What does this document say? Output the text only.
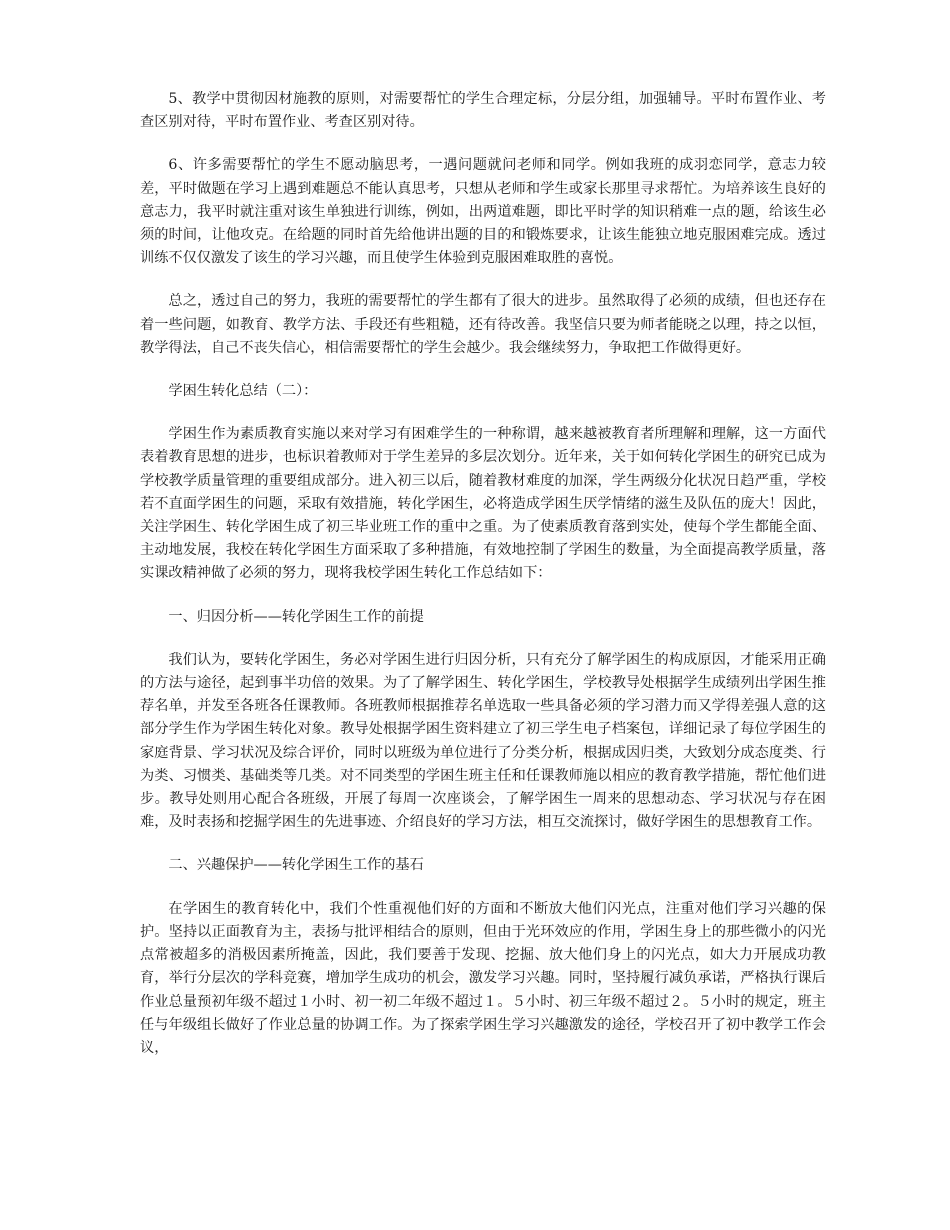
5、教学中贯彻因材施教的原则，对需要帮忙的学生合理定标，分层分组，加强辅导。平时布置作业、考查区别对待，平时布置作业、考查区别对待。

6、许多需要帮忙的学生不愿动脑思考，一遇问题就问老师和同学。例如我班的成羽恋同学，意志力较差，平时做题在学习上遇到难题总不能认真思考，只想从老师和学生或家长那里寻求帮忙。为培养该生良好的意志力，我平时就注重对该生单独进行训练，例如，出两道难题，即比平时学的知识稍难一点的题，给该生必须的时间，让他攻克。在给题的同时首先给他讲出题的目的和锻炼要求，让该生能独立地克服困难完成。透过训练不仅仅激发了该生的学习兴趣，而且使学生体验到克服困难取胜的喜悦。

总之，透过自己的努力，我班的需要帮忙的学生都有了很大的进步。虽然取得了必须的成绩，但也还存在着一些问题，如教育、教学方法、手段还有些粗糙，还有待改善。我坚信只要为师者能晓之以理，持之以恒，教学得法，自己不丧失信心，相信需要帮忙的学生会越少。我会继续努力，争取把工作做得更好。

学困生转化总结（二）：

学困生作为素质教育实施以来对学习有困难学生的一种称谓，越来越被教育者所理解和理解，这一方面代表着教育思想的进步，也标识着教师对于学生差异的多层次划分。近年来，关于如何转化学困生的研究已成为学校教学质量管理的重要组成部分。进入初三以后，随着教材难度的加深，学生两级分化状况日趋严重，学校若不直面学困生的问题，采取有效措施，转化学困生，必将造成学困生厌学情绪的滋生及队伍的庞大！因此，关注学困生、转化学困生成了初三毕业班工作的重中之重。为了使素质教育落到实处，使每个学生都能全面、主动地发展，我校在转化学困生方面采取了多种措施，有效地控制了学困生的数量，为全面提高教学质量，落实课改精神做了必须的努力，现将我校学困生转化工作总结如下：

一、归因分析——转化学困生工作的前提

我们认为，要转化学困生，务必对学困生进行归因分析，只有充分了解学困生的构成原因，才能采用正确的方法与途径，起到事半功倍的效果。为了了解学困生、转化学困生，学校教导处根据学生成绩列出学困生推荐名单，并发至各班各任课教师。各班教师根据推荐名单选取一些具备必须的学习潜力而又学得差强人意的这部分学生作为学困生转化对象。教导处根据学困生资料建立了初三学生电子档案包，详细记录了每位学困生的家庭背景、学习状况及综合评价，同时以班级为单位进行了分类分析，根据成因归类，大致划分成态度类、行为类、习惯类、基础类等几类。对不同类型的学困生班主任和任课教师施以相应的教育教学措施，帮忙他们进步。教导处则用心配合各班级，开展了每周一次座谈会，了解学困生一周来的思想动态、学习状况与存在困难，及时表扬和挖掘学困生的先进事迹、介绍良好的学习方法，相互交流探讨，做好学困生的思想教育工作。

二、兴趣保护——转化学困生工作的基石

在学困生的教育转化中，我们个性重视他们好的方面和不断放大他们闪光点，注重对他们学习兴趣的保护。坚持以正面教育为主，表扬与批评相结合的原则，但由于光环效应的作用，学困生身上的那些微小的闪光点常被超多的消极因素所掩盖，因此，我们要善于发现、挖掘、放大他们身上的闪光点，如大力开展成功教育，举行分层次的学科竞赛，增加学生成功的机会，激发学习兴趣。同时，坚持履行减负承诺，严格执行课后作业总量预初年级不超过１小时、初一初二年级不超过１。５小时、初三年级不超过２。５小时的规定，班主任与年级组长做好了作业总量的协调工作。为了探索学困生学习兴趣激发的途径，学校召开了初中教学工作会议，
